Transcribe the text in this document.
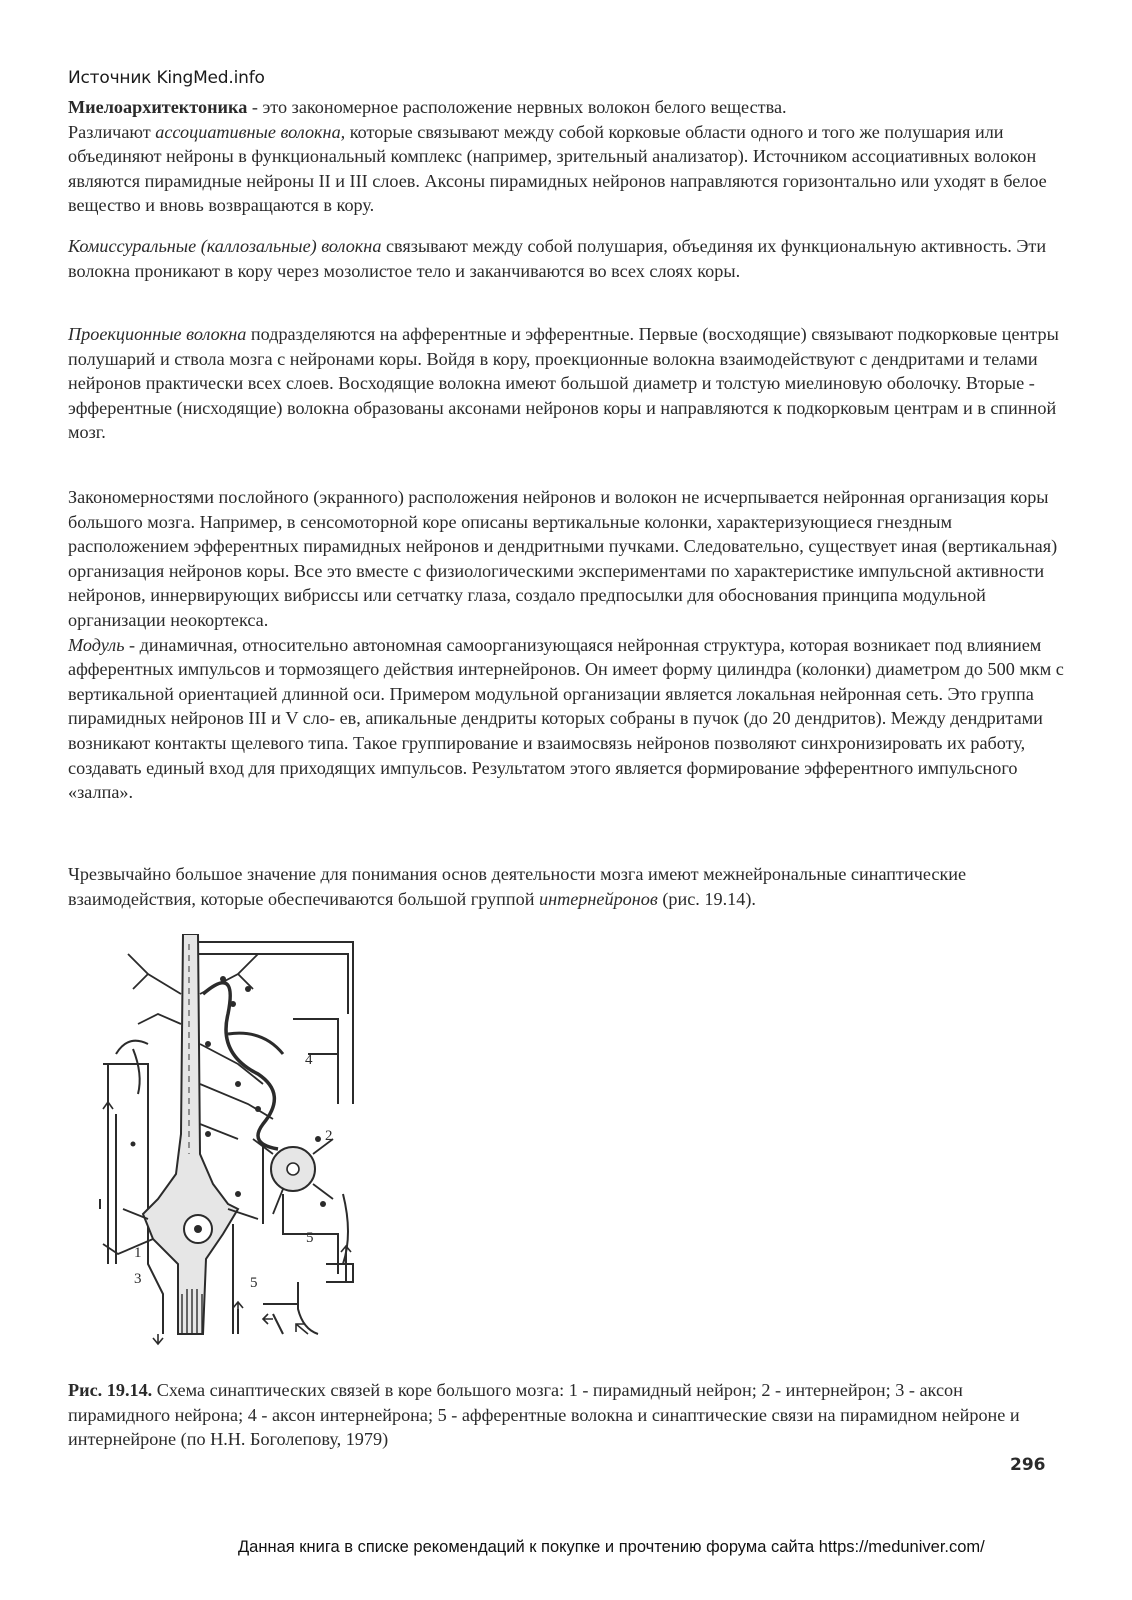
Источник KingMed.info

Миелоархитектоника - это закономерное расположение нервных волокон белого вещества.
Различают ассоциативные волокна, которые связывают между собой корковые области одного и того же полушария или объединяют нейроны в функциональный комплекс (например, зрительный анализатор). Источником ассоциативных волокон являются пирамидные нейроны II и III слоев. Аксоны пирамидных нейронов направляются горизонтально или уходят в белое вещество и вновь возвращаются в кору.

Комиссуральные (каллозальные) волокна связывают между собой полушария, объединяя их функциональную активность. Эти волокна проникают в кору через мозолистое тело и заканчиваются во всех слоях коры.

Проекционные волокна подразделяются на афферентные и эфферентные. Первые (восходящие) связывают подкорковые центры полушарий и ствола мозга с нейронами коры. Войдя в кору, проекционные волокна взаимодействуют с дендритами и телами нейронов практически всех слоев. Восходящие волокна имеют большой диаметр и толстую миелиновую оболочку. Вторые - эфферентные (нисходящие) волокна образованы аксонами нейронов коры и направляются к подкорковым центрам и в спинной мозг.

Закономерностями послойного (экранного) расположения нейронов и волокон не исчерпывается нейронная организация коры большого мозга. Например, в сенсомоторной коре описаны вертикальные колонки, характеризующиеся гнездным расположением эфферентных пирамидных нейронов и дендритными пучками. Следовательно, существует иная (вертикальная) организация нейронов коры. Все это вместе с физиологическими экспериментами по характеристике импульсной активности нейронов, иннервирующих вибриссы или сетчатку глаза, создало предпосылки для обоснования принципа модульной организации неокортекса.
Модуль - динамичная, относительно автономная самоорганизующаяся нейронная структура, которая возникает под влиянием афферентных импульсов и тормозящего действия интернейронов. Он имеет форму цилиндра (колонки) диаметром до 500 мкм с вертикальной ориентацией длинной оси. Примером модульной организации является локальная нейронная сеть. Это группа пирамидных нейронов III и V сло- ев, апикальные дендриты которых собраны в пучок (до 20 дендритов). Между дендритами возникают контакты щелевого типа. Такое группирование и взаимосвязь нейронов позволяют синхронизировать их работу, создавать единый вход для приходящих импульсов. Результатом этого является формирование эфферентного импульсного «залпа».

Чрезвычайно большое значение для понимания основ деятельности мозга имеют межнейрональные синаптические взаимодействия, которые обеспечиваются большой группой интернейронов (рис. 19.14).

1
3
2
4
5
5
Рис. 19.14. Схема синаптических связей в коре большого мозга: 1 - пирамидный нейрон; 2 - интернейрон; 3 - аксон пирамидного нейрона; 4 - аксон интернейрона; 5 - афферентные волокна и синаптические связи на пирамидном нейроне и интернейроне (по Н.Н. Боголепову, 1979)
296
Данная книга в списке рекомендаций к покупке и прочтению форума сайта https://meduniver.com/
